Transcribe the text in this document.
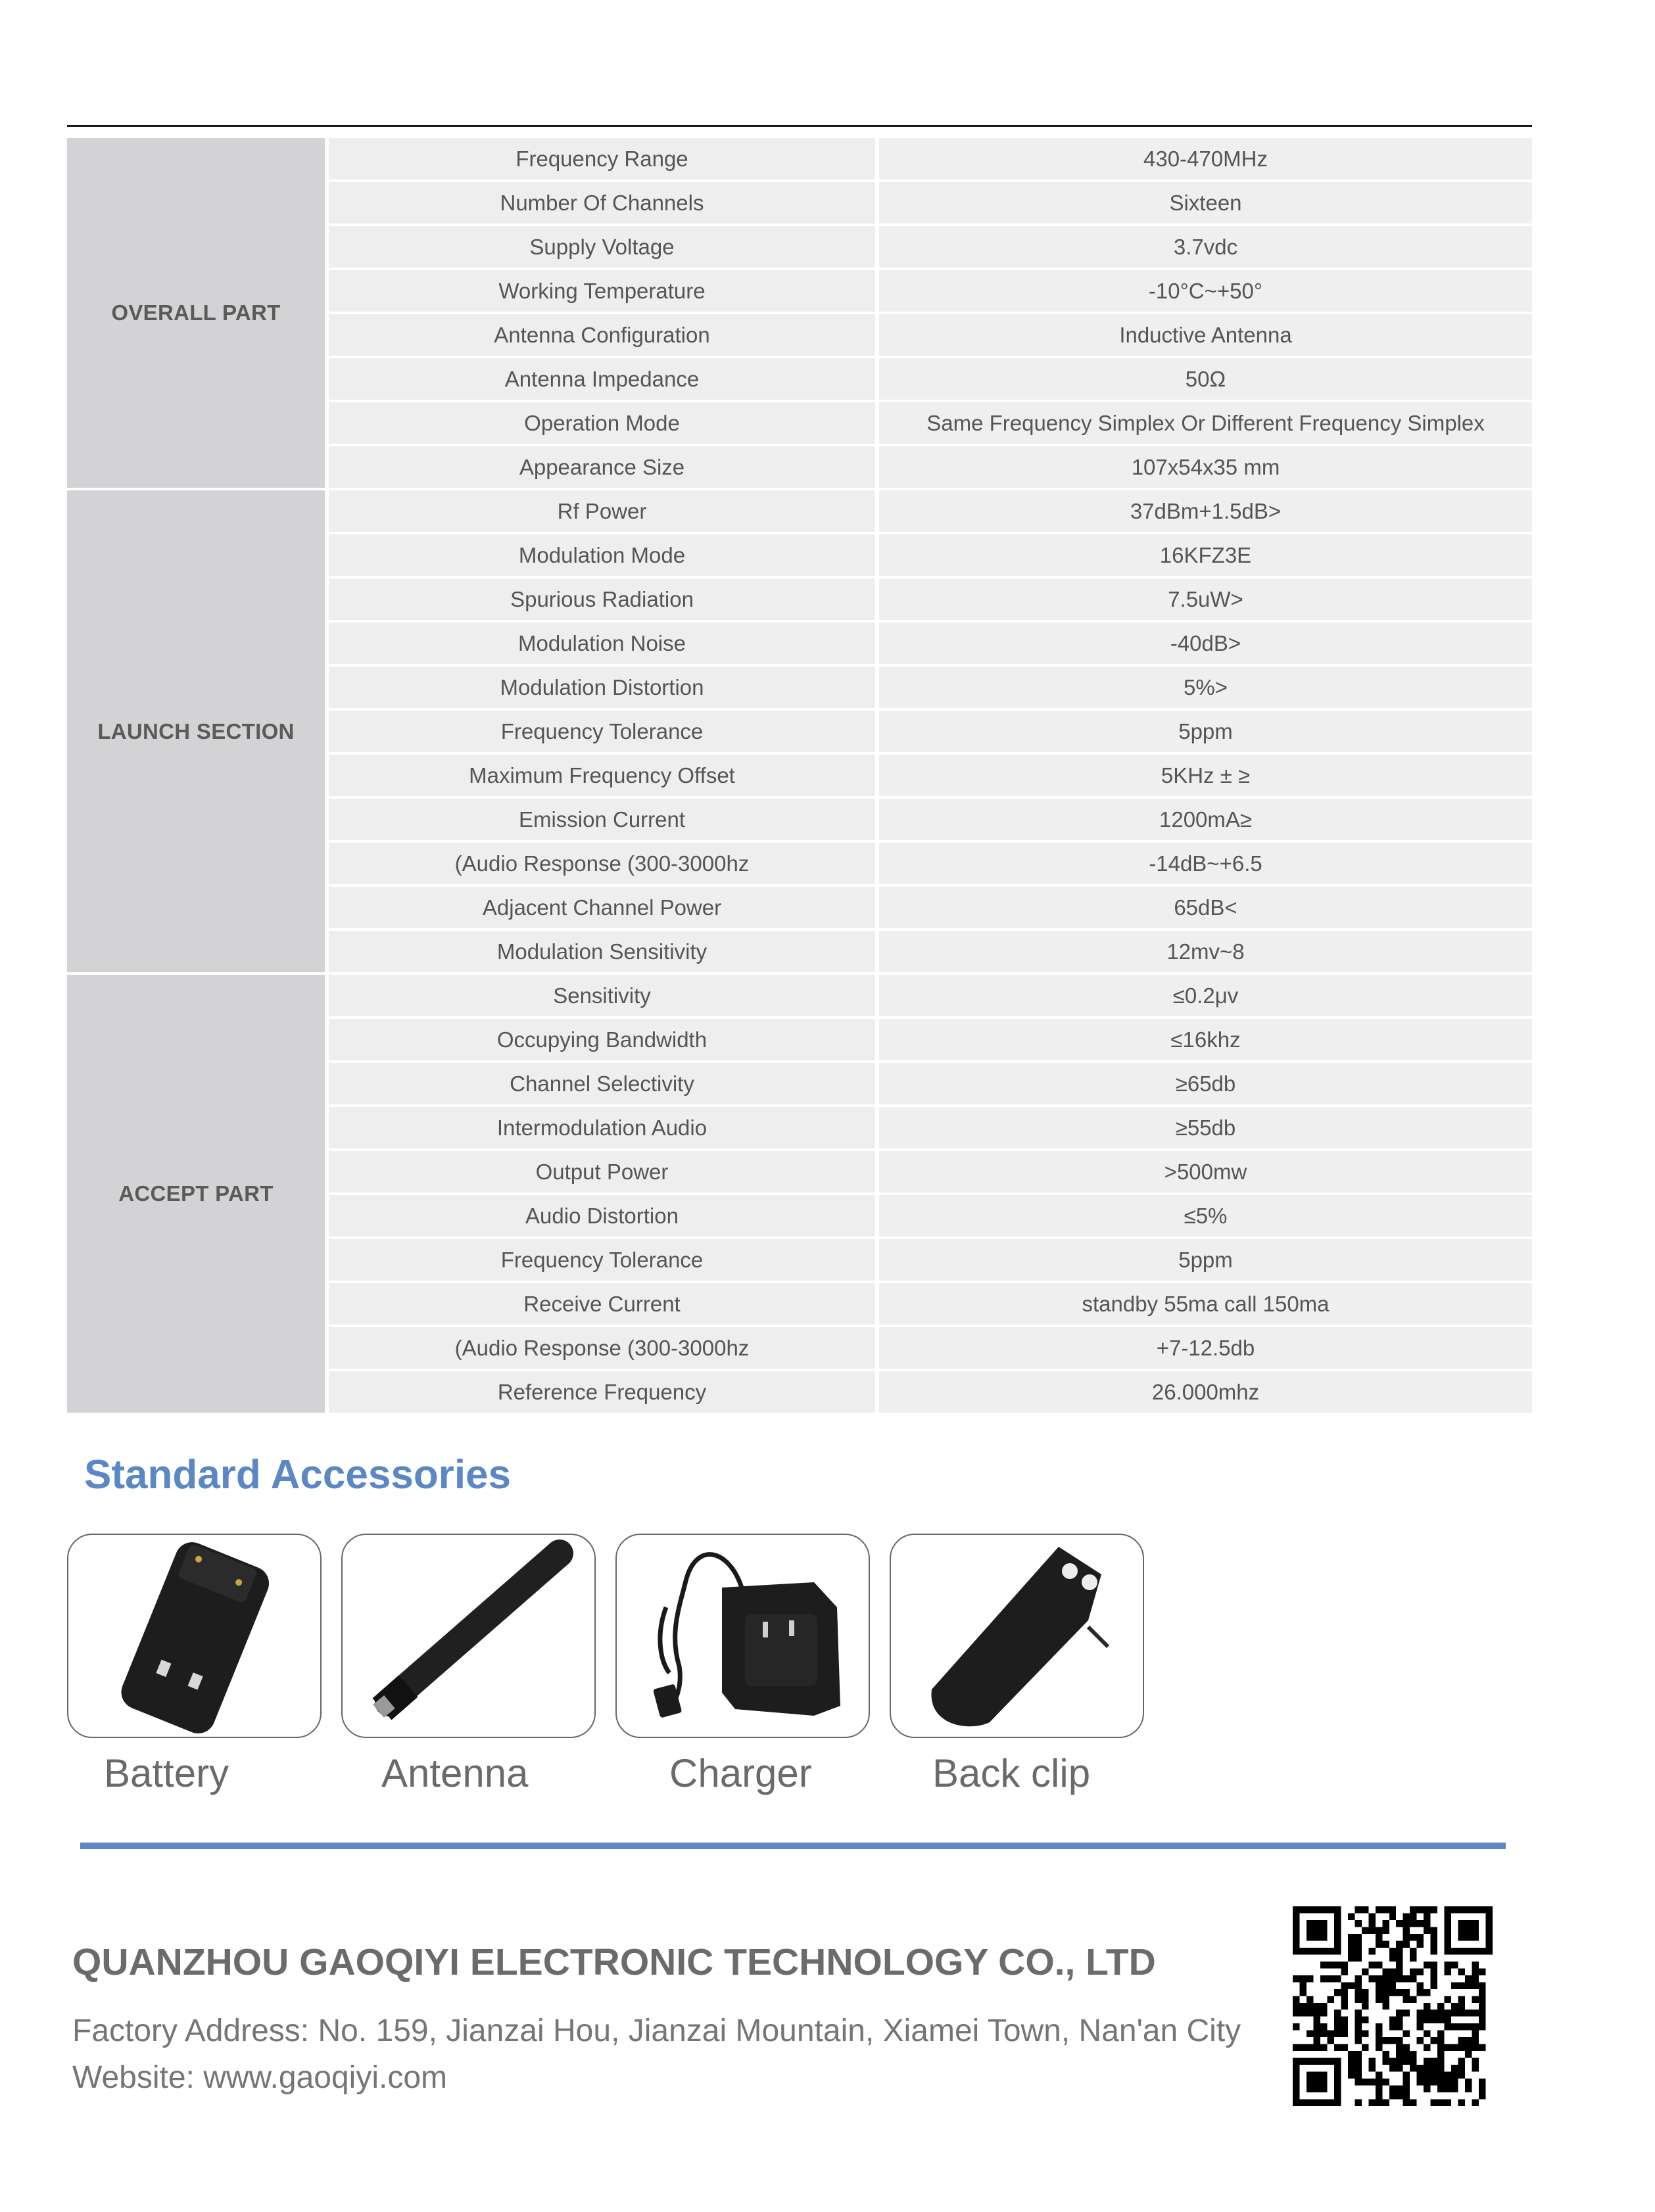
OVERALL PART
Frequency Range	430-470MHz
Number Of Channels	Sixteen
Supply Voltage	3.7vdc
Working Temperature	-10°C~+50°
Antenna Configuration	Inductive Antenna
Antenna Impedance	50Ω
Operation Mode	Same Frequency Simplex Or Different Frequency Simplex
Appearance Size	107x54x35 mm
LAUNCH SECTION
Rf Power	37dBm+1.5dB>
Modulation Mode	16KFZ3E
Spurious Radiation	7.5uW>
Modulation Noise	-40dB>
Modulation Distortion	5%>
Frequency Tolerance	5ppm
Maximum Frequency Offset	5KHz ± ≥
Emission Current	1200mA≥
(Audio Response (300-3000hz	-14dB~+6.5
Adjacent Channel Power	65dB<
Modulation Sensitivity	12mv~8
ACCEPT PART
Sensitivity	≤0.2μv
Occupying Bandwidth	≤16khz
Channel Selectivity	≥65db
Intermodulation Audio	≥55db
Output Power	>500mw
Audio Distortion	≤5%
Frequency Tolerance	5ppm
Receive Current	standby 55ma call 150ma
(Audio Response (300-3000hz	+7-12.5db
Reference Frequency	26.000mhz
Standard Accessories
Battery	Antenna	Charger	Back clip
QUANZHOU GAOQIYI ELECTRONIC TECHNOLOGY CO., LTD
Factory Address: No. 159, Jianzai Hou, Jianzai Mountain, Xiamei Town, Nan'an City
Website: www.gaoqiyi.com
